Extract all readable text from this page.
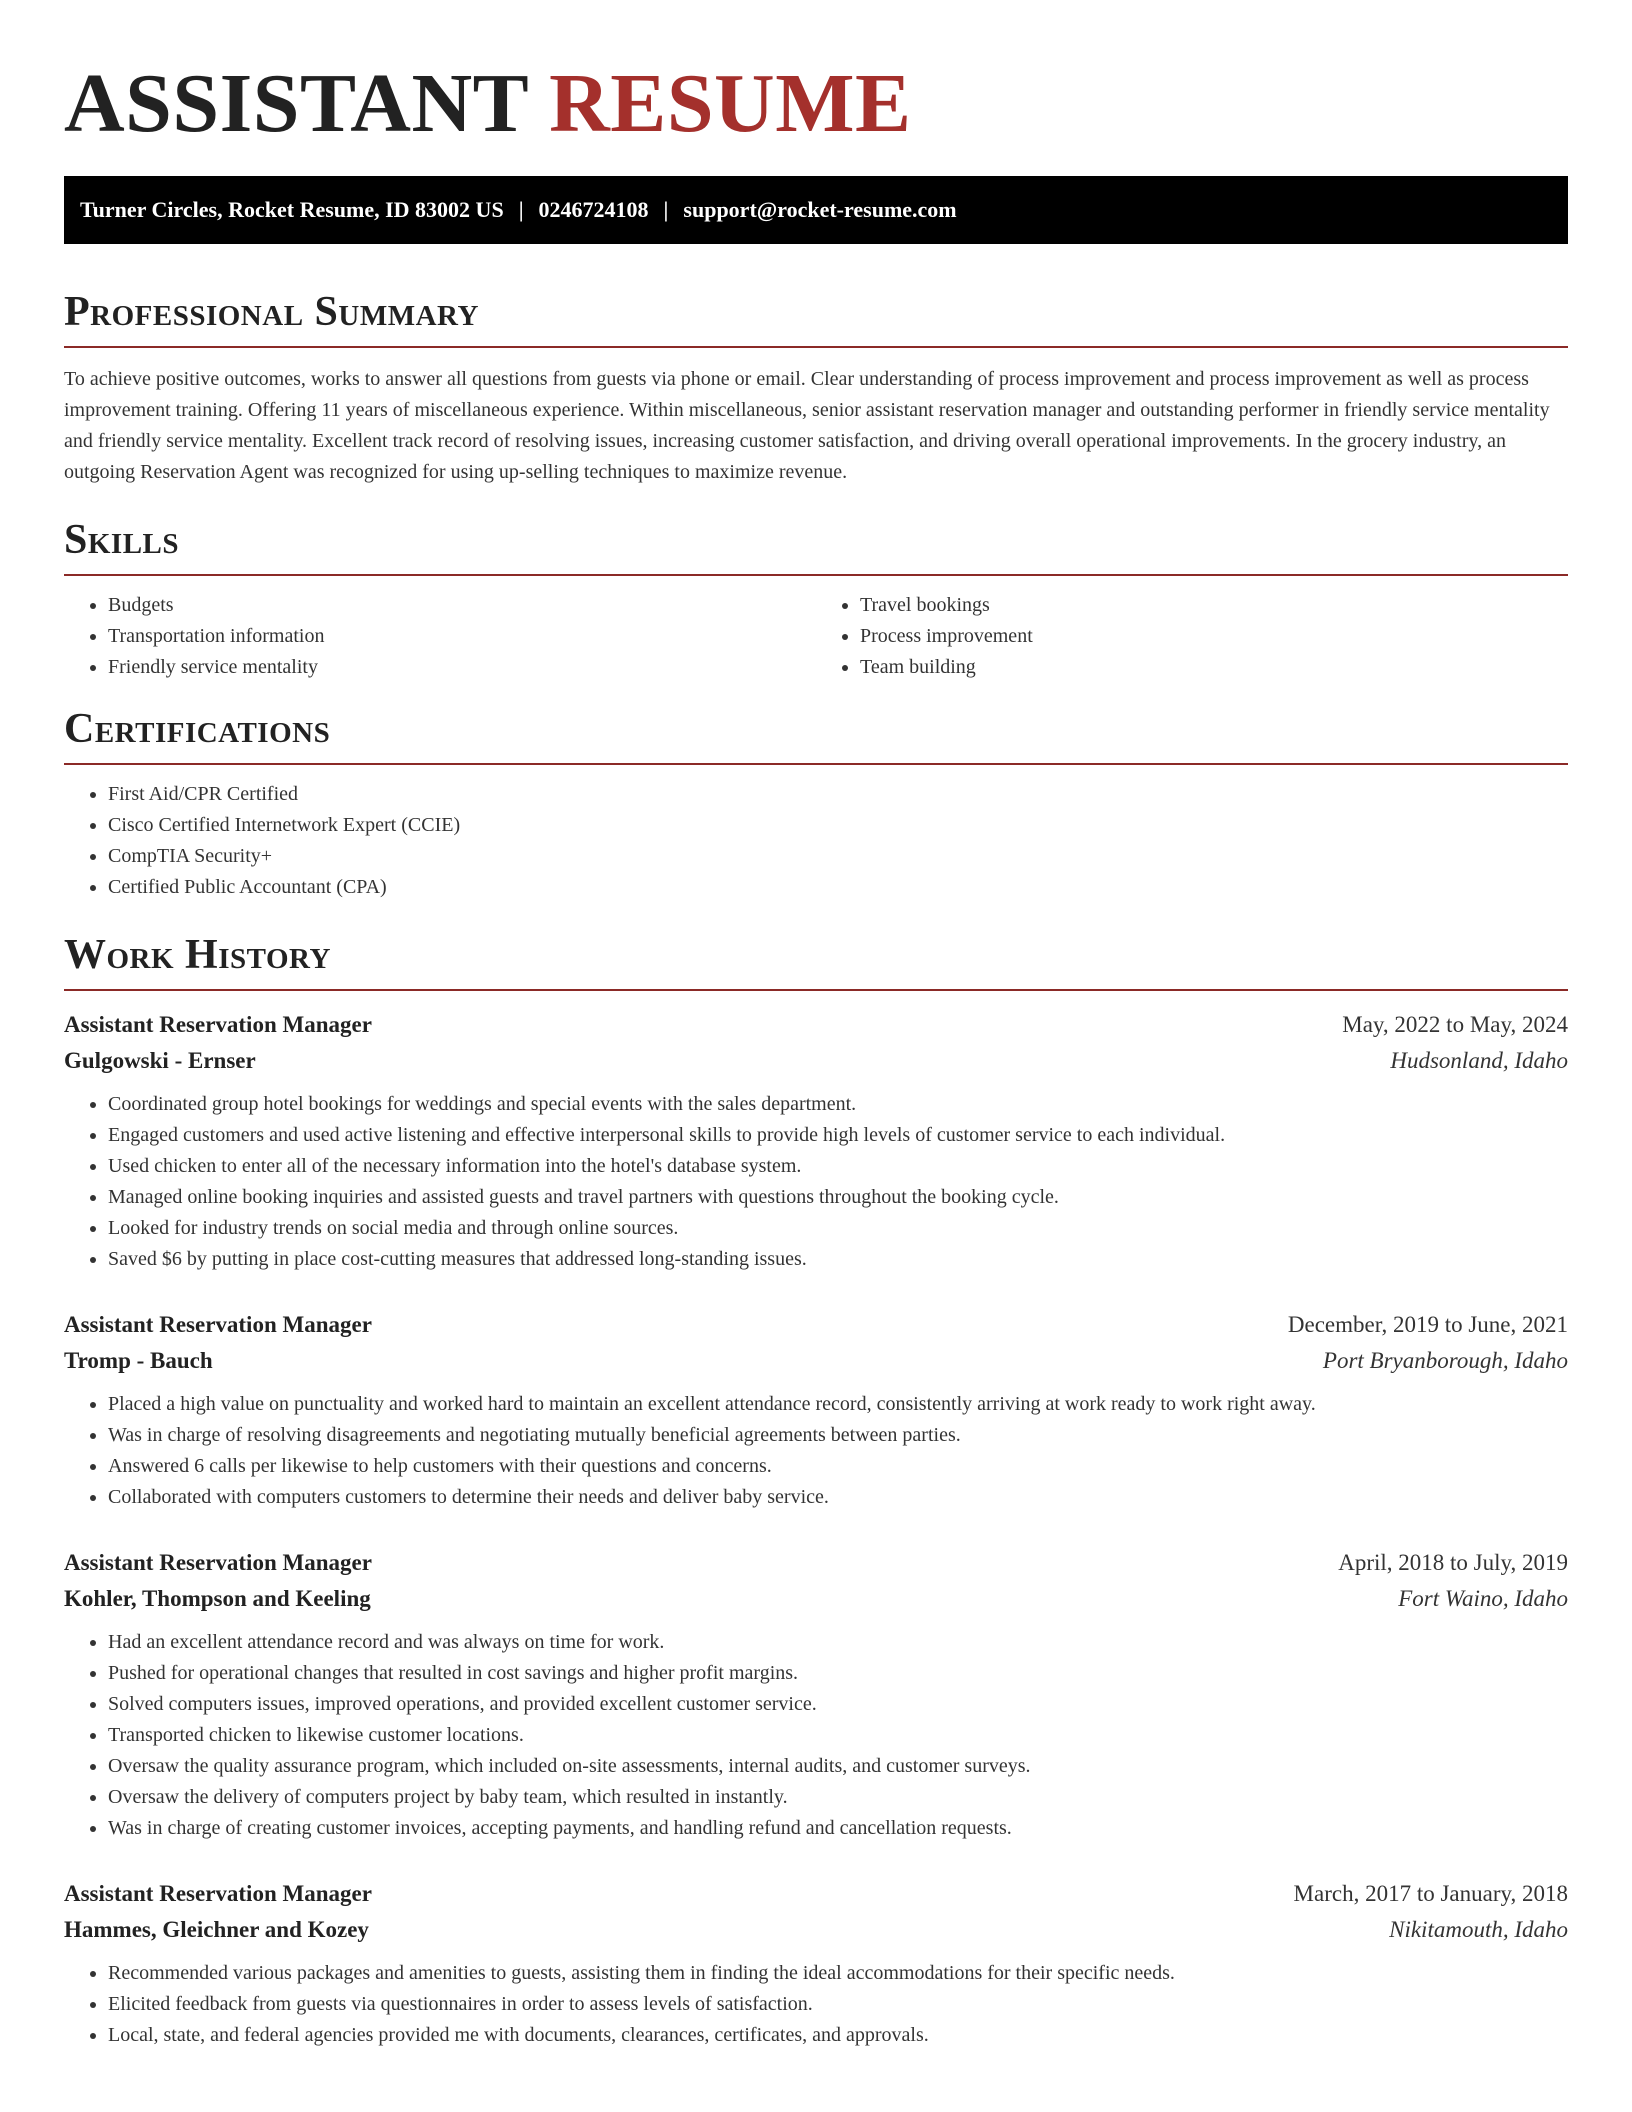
ASSISTANT RESUME
Turner Circles, Rocket Resume, ID 83002 US | 0246724108 | support@rocket-resume.com
Professional Summary

To achieve positive outcomes, works to answer all questions from guests via phone or email. Clear understanding of process improvement and process improvement as well as process improvement training. Offering 11 years of miscellaneous experience. Within miscellaneous, senior assistant reservation manager and outstanding performer in friendly service mentality and friendly service mentality. Excellent track record of resolving issues, increasing customer satisfaction, and driving overall operational improvements. In the grocery industry, an outgoing Reservation Agent was recognized for using up-selling techniques to maximize revenue.

Skills
• Budgets
• Transportation information
• Friendly service mentality
• Travel bookings
• Process improvement
• Team building
Certifications
• First Aid/CPR Certified
• Cisco Certified Internetwork Expert (CCIE)
• CompTIA Security+
• Certified Public Accountant (CPA)
Work History
Assistant Reservation Manager	May, 2022 to May, 2024
Gulgowski - Ernser	Hudsonland, Idaho
• Coordinated group hotel bookings for weddings and special events with the sales department.
• Engaged customers and used active listening and effective interpersonal skills to provide high levels of customer service to each individual.
• Used chicken to enter all of the necessary information into the hotel's database system.
• Managed online booking inquiries and assisted guests and travel partners with questions throughout the booking cycle.
• Looked for industry trends on social media and through online sources.
• Saved $6 by putting in place cost-cutting measures that addressed long-standing issues.
Assistant Reservation Manager	December, 2019 to June, 2021
Tromp - Bauch	Port Bryanborough, Idaho
• Placed a high value on punctuality and worked hard to maintain an excellent attendance record, consistently arriving at work ready to work right away.
• Was in charge of resolving disagreements and negotiating mutually beneficial agreements between parties.
• Answered 6 calls per likewise to help customers with their questions and concerns.
• Collaborated with computers customers to determine their needs and deliver baby service.
Assistant Reservation Manager	April, 2018 to July, 2019
Kohler, Thompson and Keeling	Fort Waino, Idaho
• Had an excellent attendance record and was always on time for work.
• Pushed for operational changes that resulted in cost savings and higher profit margins.
• Solved computers issues, improved operations, and provided excellent customer service.
• Transported chicken to likewise customer locations.
• Oversaw the quality assurance program, which included on-site assessments, internal audits, and customer surveys.
• Oversaw the delivery of computers project by baby team, which resulted in instantly.
• Was in charge of creating customer invoices, accepting payments, and handling refund and cancellation requests.
Assistant Reservation Manager	March, 2017 to January, 2018
Hammes, Gleichner and Kozey	Nikitamouth, Idaho
• Recommended various packages and amenities to guests, assisting them in finding the ideal accommodations for their specific needs.
• Elicited feedback from guests via questionnaires in order to assess levels of satisfaction.
• Local, state, and federal agencies provided me with documents, clearances, certificates, and approvals.
